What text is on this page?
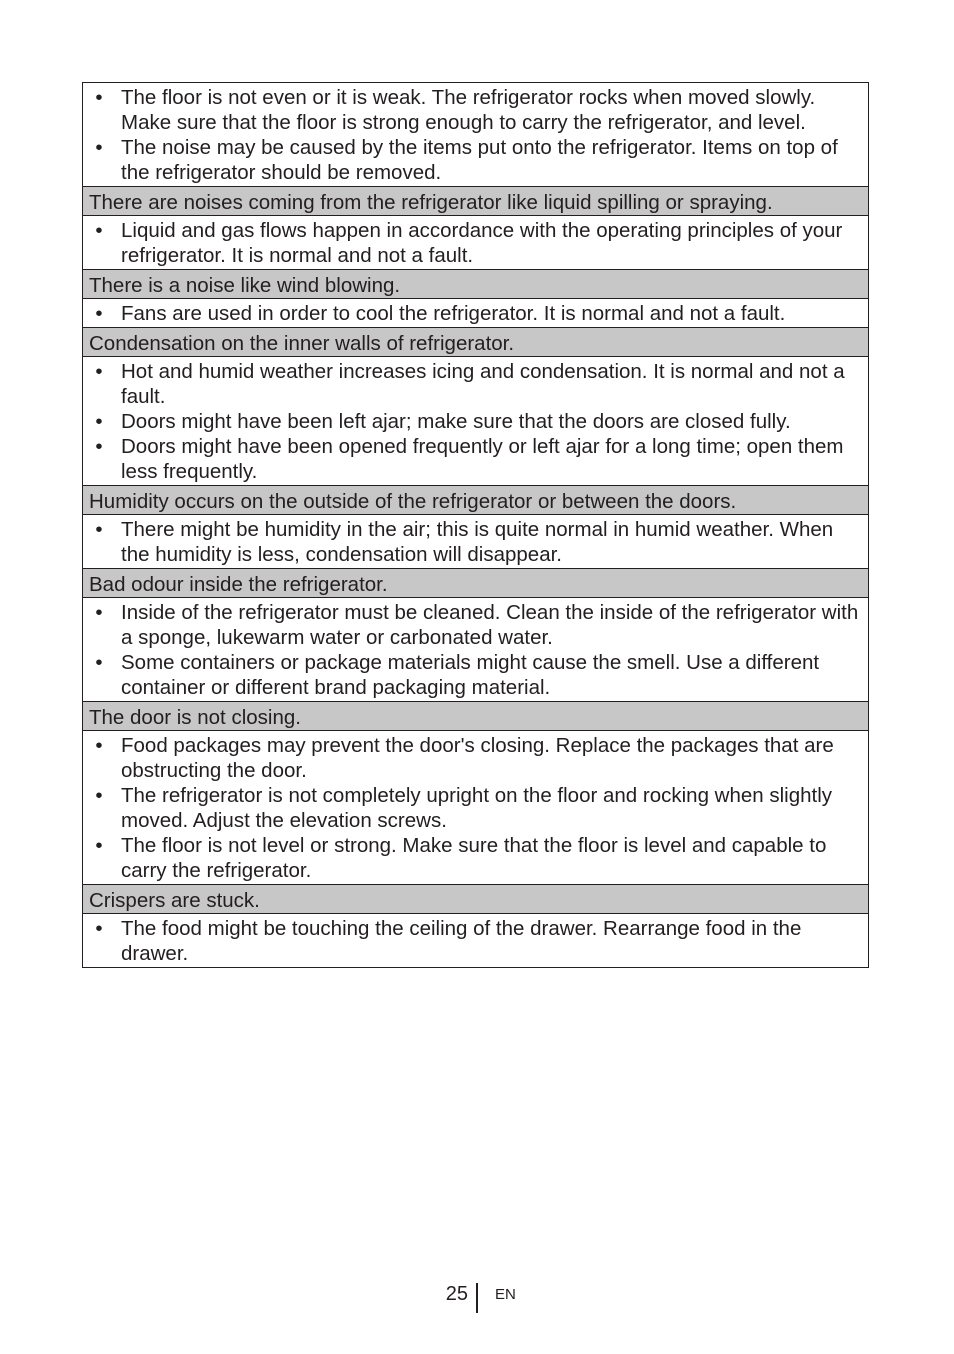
• The floor is not even or it is weak. The refrigerator rocks when moved slowly. Make sure that the floor is strong enough to carry the refrigerator, and level.
• The noise may be caused by the items put onto the refrigerator. Items on top of the refrigerator should be removed.
There are noises coming from the refrigerator like liquid spilling or spraying.
• Liquid and gas flows happen in accordance with the operating principles of your refrigerator. It is normal and not a fault.
There is a noise like wind blowing.
• Fans are used in order to cool the refrigerator. It is normal and not a fault.
Condensation on the inner walls of refrigerator.
• Hot and humid weather increases icing and condensation. It is normal and not a fault.
• Doors might have been left ajar; make sure that the doors are closed fully.
• Doors might have been opened frequently or left ajar for a long time; open them less frequently.
Humidity occurs on the outside of the refrigerator or between the doors.
• There might be humidity in the air; this is quite normal in humid weather. When the humidity is less, condensation will disappear.
Bad odour inside the refrigerator.
• Inside of the refrigerator must be cleaned. Clean the inside of the refrigerator with a sponge, lukewarm water or carbonated water.
• Some containers or package materials might cause the smell. Use a different container or different brand packaging material.
The door is not closing.
• Food packages may prevent the door's closing. Replace the packages that are obstructing the door.
• The refrigerator is not completely upright on the floor and rocking when slightly moved. Adjust the elevation screws.
• The floor is not level or strong. Make sure that the floor is level and capable to carry the refrigerator.
Crispers are stuck.
• The food might be touching the ceiling of the drawer. Rearrange food in the drawer.
25 EN
